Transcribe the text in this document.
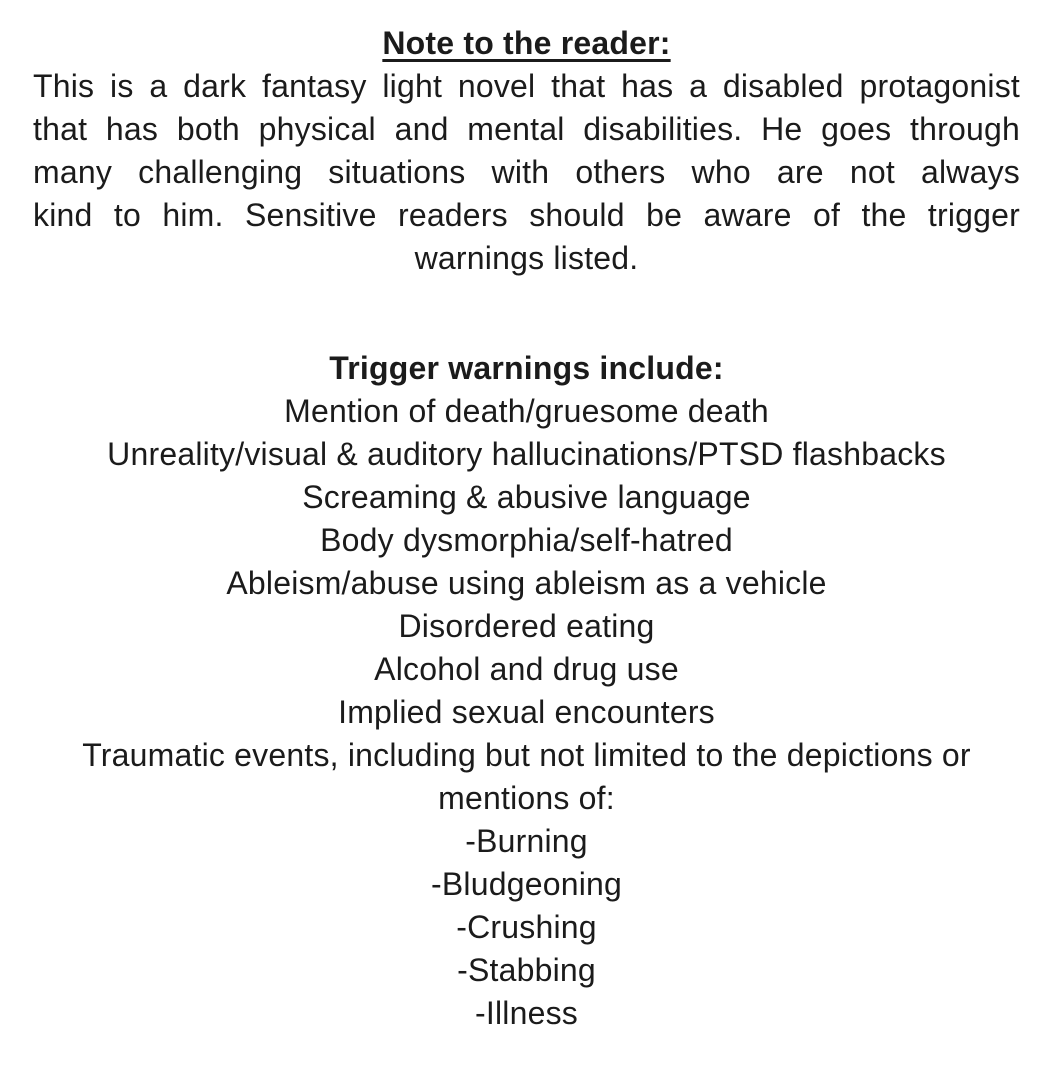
Note to the reader:
This is a dark fantasy light novel that has a disabled protagonist
that has both physical and mental disabilities. He goes through
many challenging situations with others who are not always
kind to him. Sensitive readers should be aware of the trigger
warnings listed.
Trigger warnings include:
Mention of death/gruesome death
Unreality/visual & auditory hallucinations/PTSD flashbacks
Screaming & abusive language
Body dysmorphia/self-hatred
Ableism/abuse using ableism as a vehicle
Disordered eating
Alcohol and drug use
Implied sexual encounters
Traumatic events, including but not limited to the depictions or
mentions of:
-Burning
-Bludgeoning
-Crushing
-Stabbing
-Illness
